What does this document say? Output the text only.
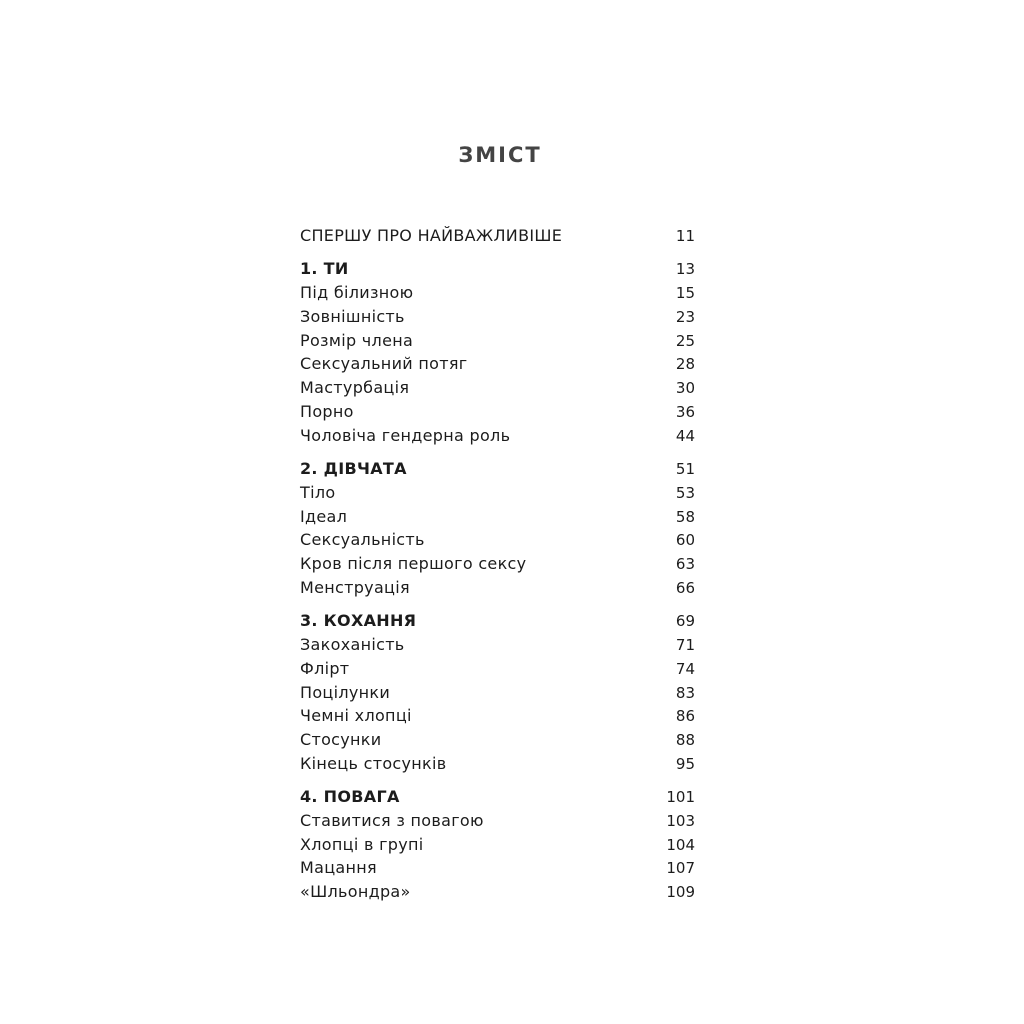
ЗМІСТ
СПЕРШУ ПРО НАЙВАЖЛИВІШЕ	11
1. ТИ	13
Під білизною	15
Зовнішність	23
Розмір члена	25
Сексуальний потяг	28
Мастурбація	30
Порно	36
Чоловіча гендерна роль	44
2. ДІВЧАТА	51
Тіло	53
Ідеал	58
Сексуальність	60
Кров після першого сексу	63
Менструація	66
3. КОХАННЯ	69
Закоханість	71
Флірт	74
Поцілунки	83
Чемні хлопці	86
Стосунки	88
Кінець стосунків	95
4. ПОВАГА	101
Ставитися з повагою	103
Хлопці в групі	104
Мацання	107
«Шльондра»	109
